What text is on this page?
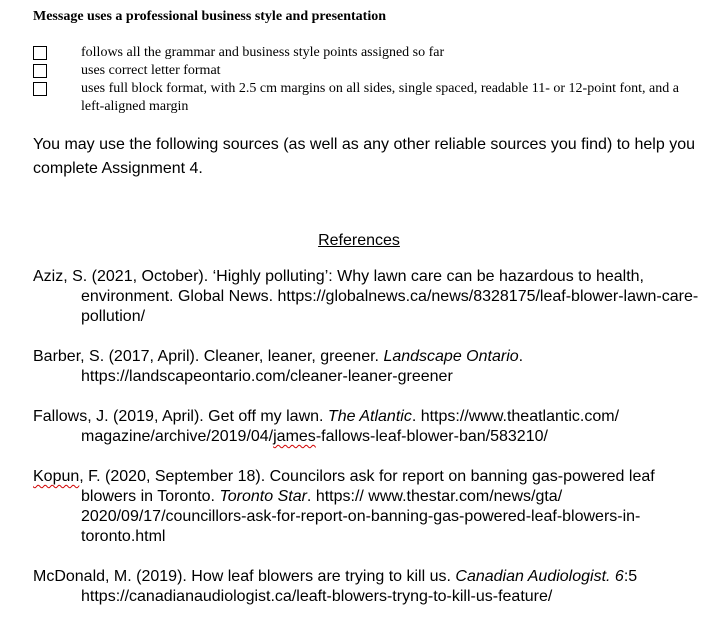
Message uses a professional business style and presentation
follows all the grammar and business style points assigned so far
uses correct letter format
uses full block format, with 2.5 cm margins on all sides, single spaced, readable 11- or 12-point font, and a left-aligned margin
You may use the following sources (as well as any other reliable sources you find) to help you complete Assignment 4.
References
Aziz, S. (2021, October). ‘Highly polluting’: Why lawn care can be hazardous to health, environment. Global News. https://globalnews.ca/news/8328175/leaf-blower-lawn-care-pollution/
Barber, S. (2017, April). Cleaner, leaner, greener. Landscape Ontario. https://landscapeontario.com/cleaner-leaner-greener
Fallows, J. (2019, April). Get off my lawn. The Atlantic. https://www.theatlantic.com/ magazine/archive/2019/04/james-fallows-leaf-blower-ban/583210/
Kopun, F. (2020, September 18). Councilors ask for report on banning gas-powered leaf blowers in Toronto. Toronto Star. https:// www.thestar.com/news/gta/ 2020/09/17/councillors-ask-for-report-on-banning-gas-powered-leaf-blowers-in-toronto.html
McDonald, M. (2019). How leaf blowers are trying to kill us. Canadian Audiologist. 6:5 https://canadianaudiologist.ca/leaft-blowers-tryng-to-kill-us-feature/
